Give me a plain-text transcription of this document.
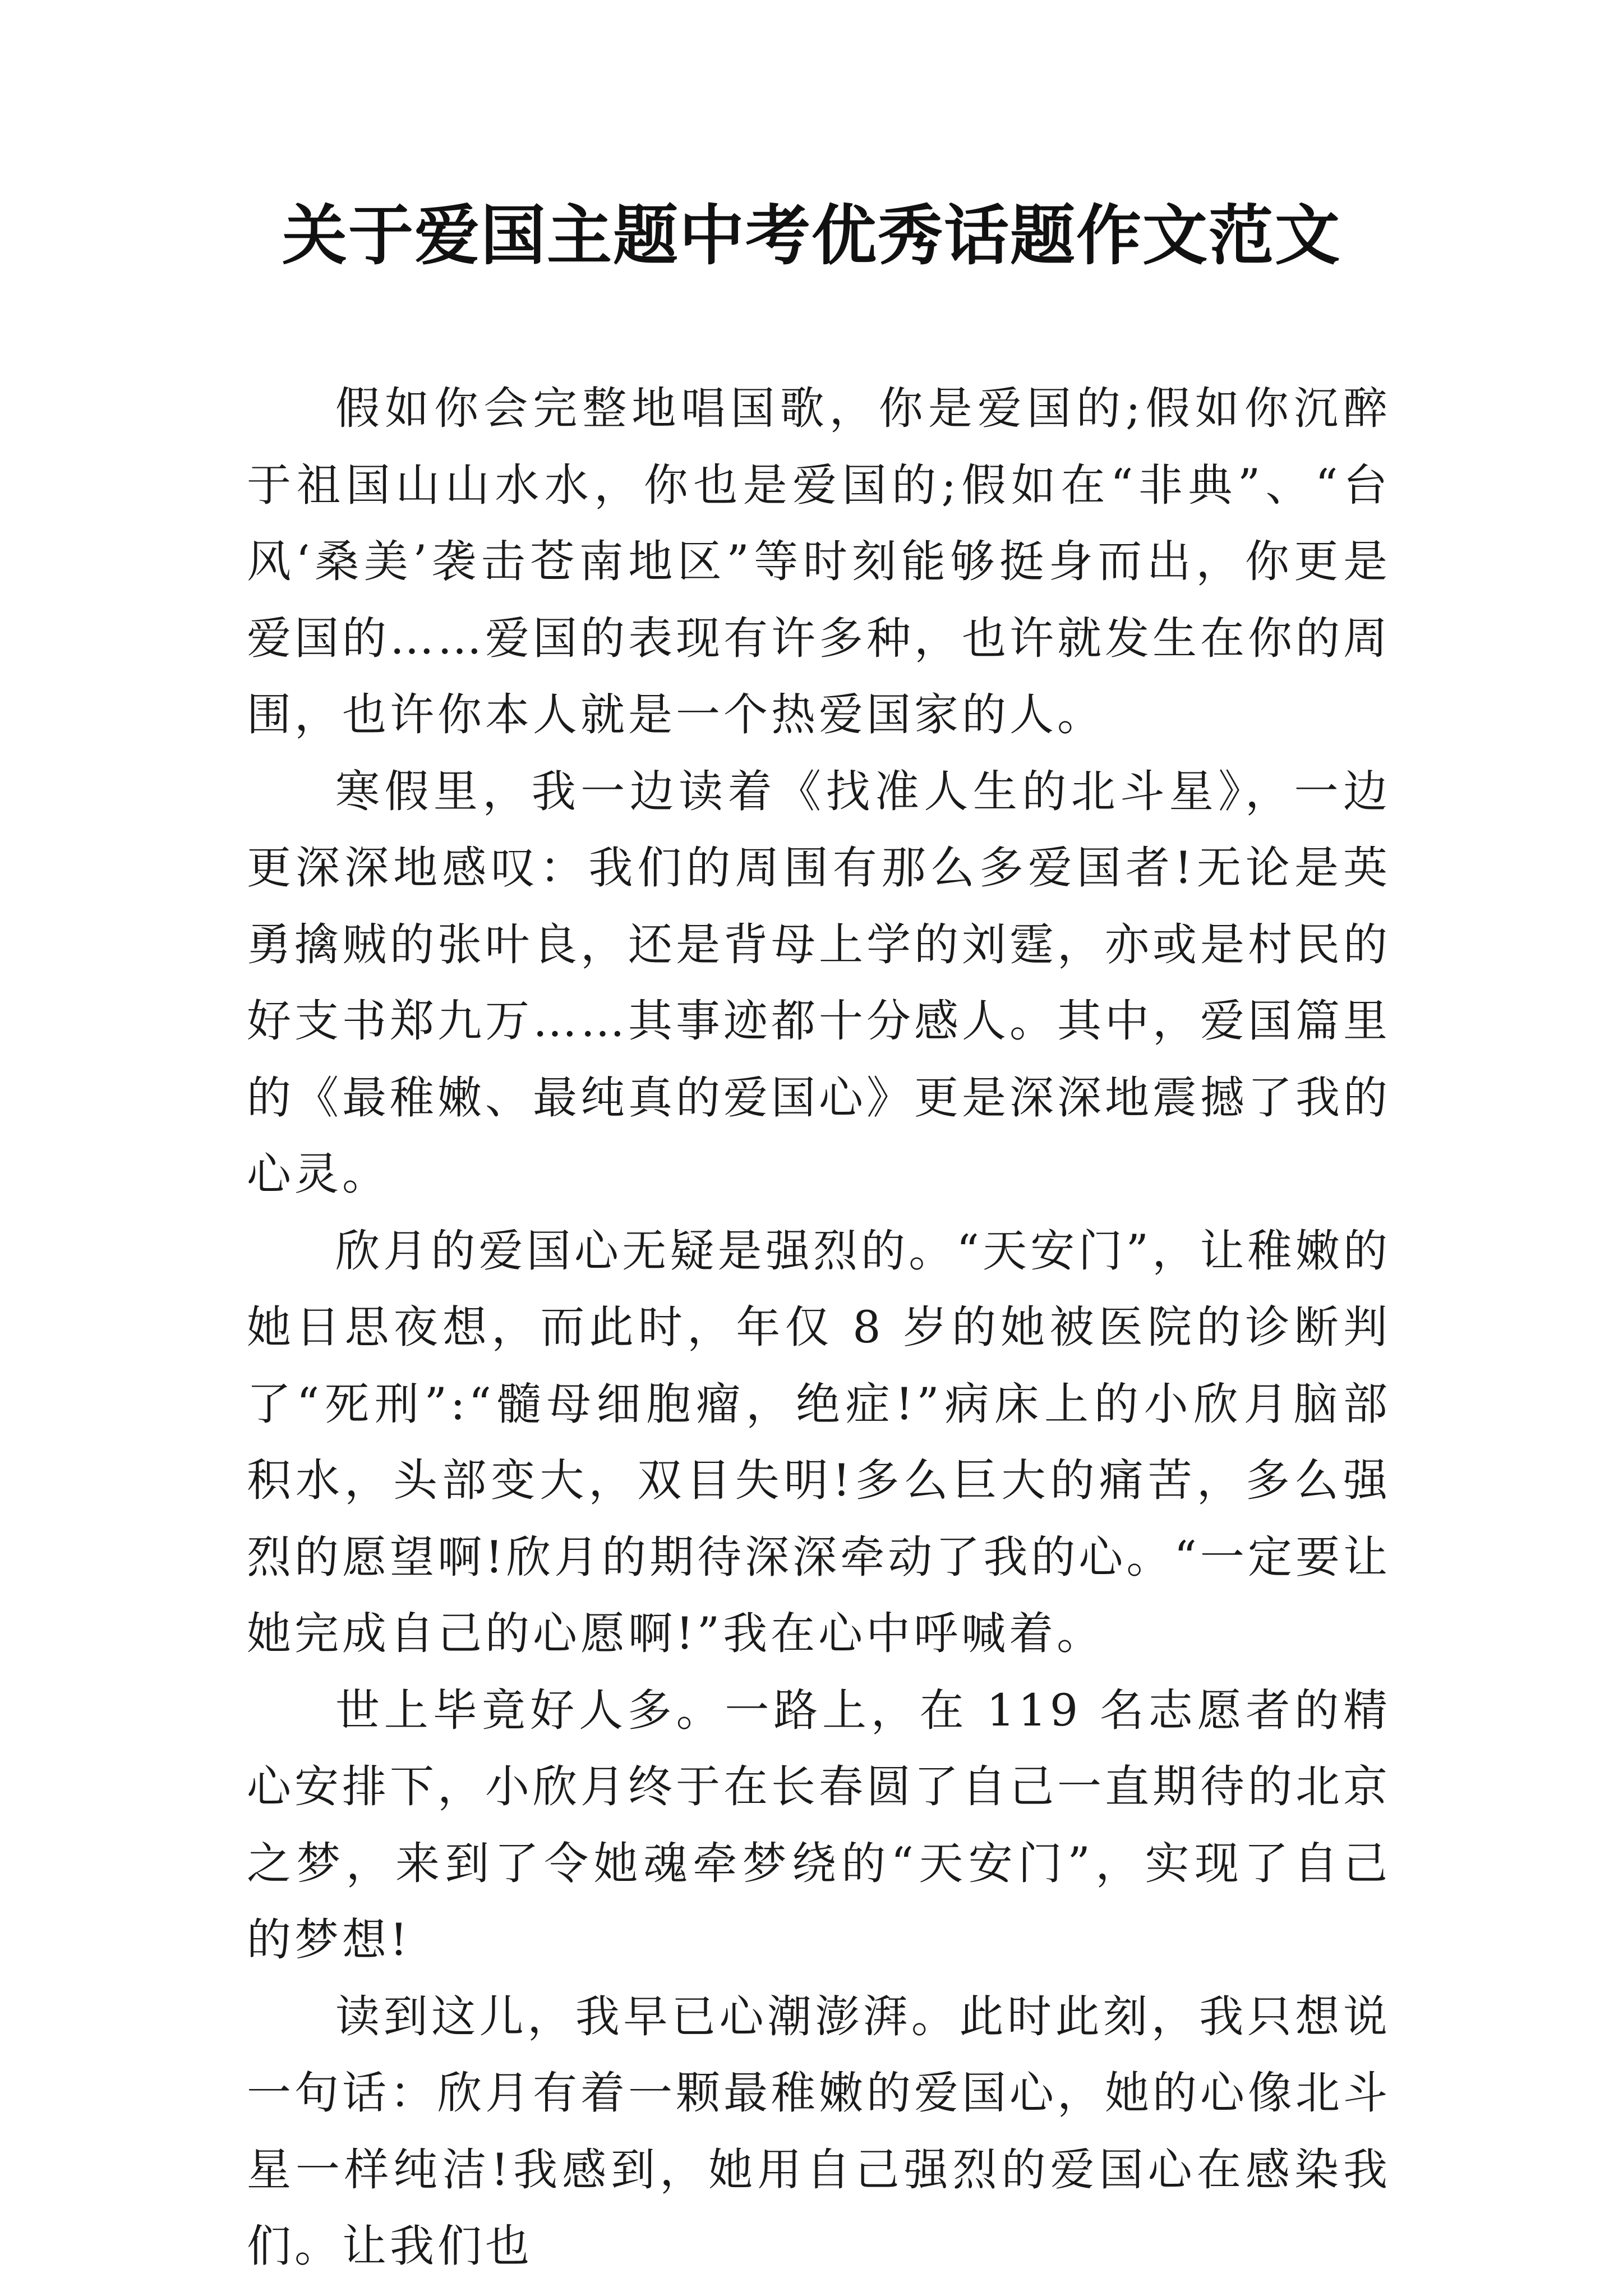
关于爱国主题中考优秀话题作文范文

假如你会完整地唱国歌，你是爱国的;假如你沉醉于祖国山山水水，你也是爱国的;假如在“非典”、“台风‘桑美’袭击苍南地区”等时刻能够挺身而出，你更是爱国的……爱国的表现有许多种，也许就发生在你的周围，也许你本人就是一个热爱国家的人。

寒假里，我一边读着《找准人生的北斗星》，一边更深深地感叹：我们的周围有那么多爱国者!无论是英勇擒贼的张叶良，还是背母上学的刘霆，亦或是村民的好支书郑九万……其事迹都十分感人。其中，爱国篇里的《最稚嫩、最纯真的爱国心》更是深深地震撼了我的心灵。

欣月的爱国心无疑是强烈的。“天安门”，让稚嫩的她日思夜想，而此时，年仅 8 岁的她被医院的诊断判了“死刑”:“髓母细胞瘤，绝症!”病床上的小欣月脑部积水，头部变大，双目失明!多么巨大的痛苦，多么强烈的愿望啊!欣月的期待深深牵动了我的心。“一定要让她完成自己的心愿啊!”我在心中呼喊着。

世上毕竟好人多。一路上，在 119 名志愿者的精心安排下，小欣月终于在长春圆了自己一直期待的北京之梦，来到了令她魂牵梦绕的“天安门”，实现了自己的梦想!

读到这儿，我早已心潮澎湃。此时此刻，我只想说一句话：欣月有着一颗最稚嫩的爱国心，她的心像北斗星一样纯洁!我感到，她用自己强烈的爱国心在感染我们。让我们也
